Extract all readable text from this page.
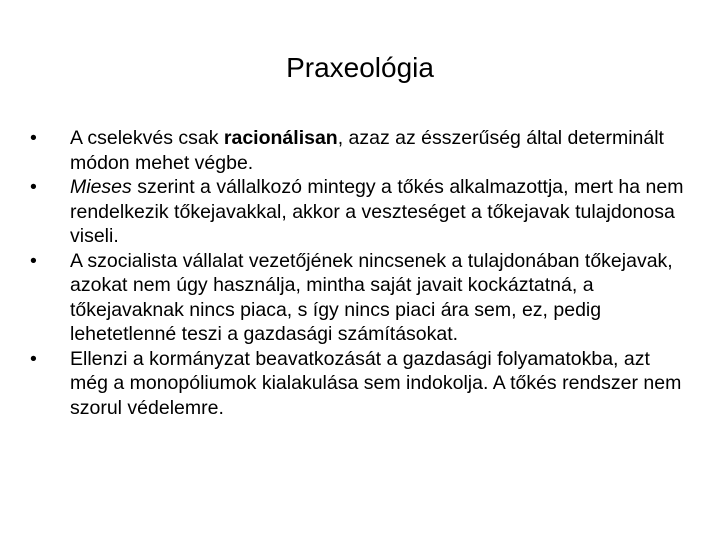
Praxeológia
•	A cselekvés csak racionálisan, azaz az ésszerűség által determinált módon mehet végbe.
•	Mieses szerint a vállalkozó mintegy a tőkés alkalmazottja, mert ha nem rendelkezik tőkejavakkal, akkor a veszteséget a tőkejavak tulajdonosa viseli.
•	A szocialista vállalat vezetőjének nincsenek a tulajdonában tőkejavak, azokat nem úgy használja, mintha saját javait kockáztatná, a tőkejavaknak nincs piaca, s így nincs piaci ára sem, ez, pedig lehetetlenné teszi a gazdasági számításokat.
•	Ellenzi a kormányzat beavatkozását a gazdasági folyamatokba, azt még a monopóliumok kialakulása sem indokolja. A tőkés rendszer nem szorul védelemre.
